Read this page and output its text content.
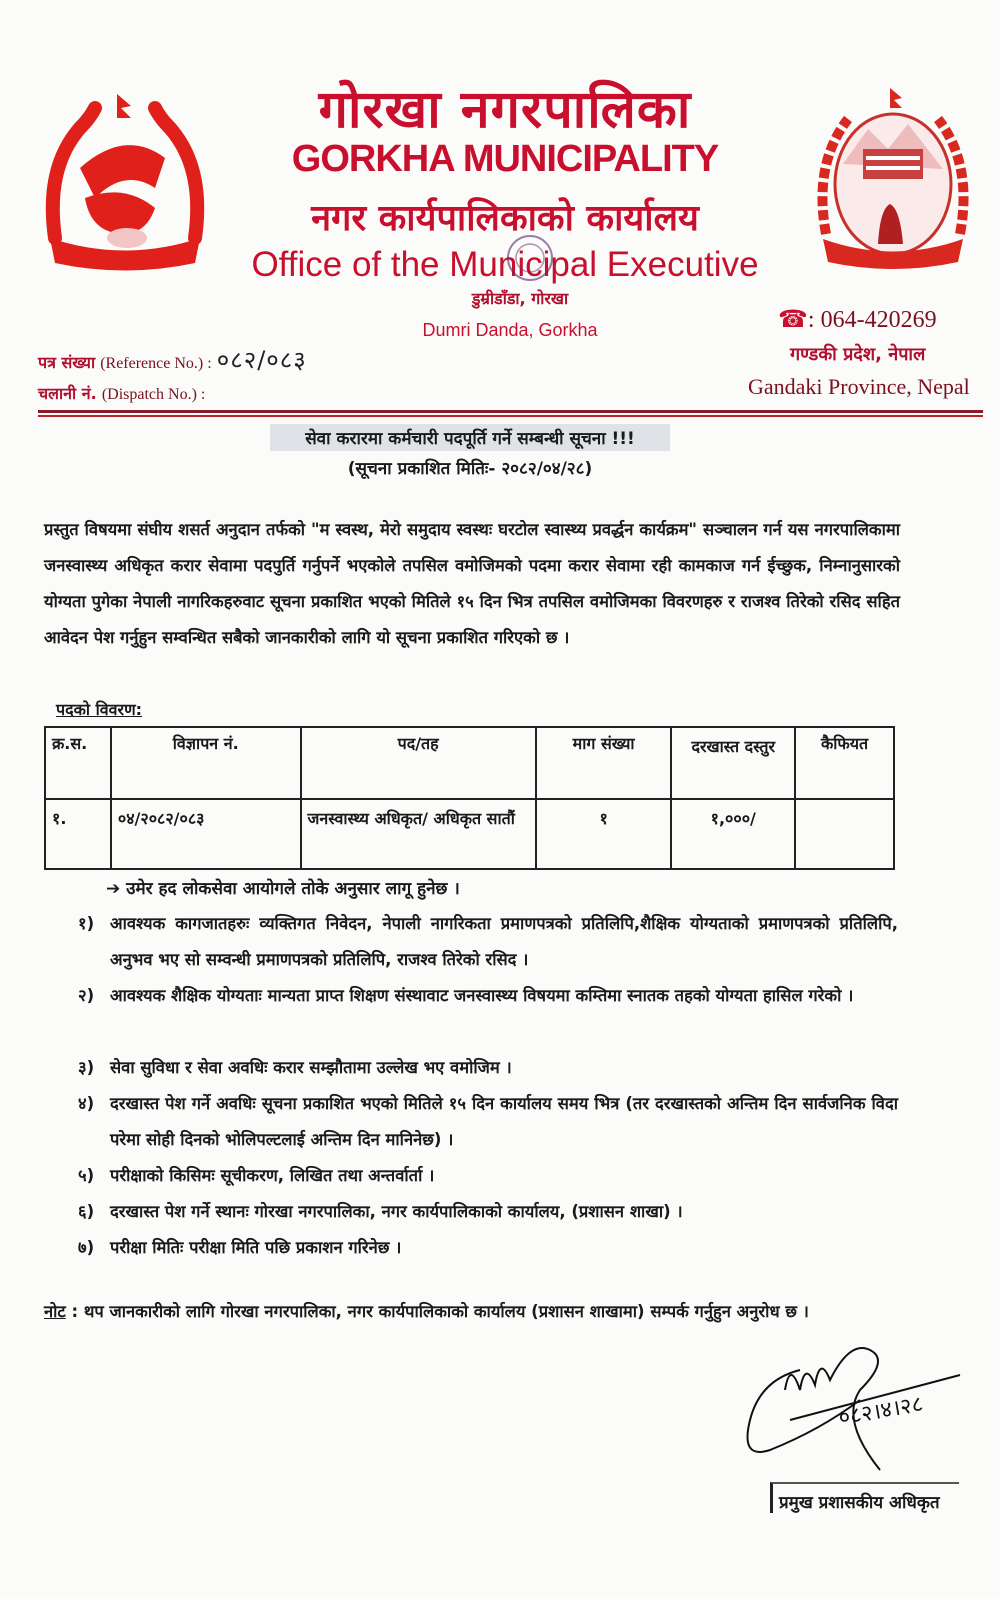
गोरखा नगरपालिका
GORKHA MUNICIPALITY
नगर कार्यपालिकाको कार्यालय
Office of the Municipal Executive
डुम्रीडाँडा, गोरखा
Dumri Danda, Gorkha
पत्र संख्या (Reference No.) : ०८२/०८३
चलानी नं. (Dispatch No.) :
☎: 064-420269
गण्डकी प्रदेश, नेपाल
Gandaki Province, Nepal
सेवा करारमा कर्मचारी पदपूर्ति गर्ने सम्बन्धी सूचना !!!
(सूचना प्रकाशित मितिः- २०८२/०४/२८)
प्रस्तुत विषयमा संघीय शसर्त अनुदान तर्फको "म स्वस्थ, मेरो समुदाय स्वस्थः घरटोल स्वास्थ्य प्रवर्द्धन कार्यक्रम" सञ्चालन गर्न यस नगरपालिकामा जनस्वास्थ्य अधिकृत करार सेवामा पदपुर्ति गर्नुपर्ने भएकोले तपसिल वमोजिमको पदमा करार सेवामा रही कामकाज गर्न ईच्छुक, निम्नानुसारको योग्यता पुगेका नेपाली नागरिकहरुवाट सूचना प्रकाशित भएको मितिले १५ दिन भित्र तपसिल वमोजिमका विवरणहरु र राजश्व तिरेको रसिद सहित आवेदन पेश गर्नुहुन सम्वन्धित सबैको जानकारीको लागि यो सूचना प्रकाशित गरिएको छ ।
पदको विवरण:
क्र.स.	विज्ञापन नं.	पद/तह	माग संख्या	दरखास्त दस्तुर	कैफियत
१.	०४/२०८२/०८३	जनस्वास्थ्य अधिकृत/ अधिकृत सातौं	१	१,०००/	
➔ उमेर हद लोकसेवा आयोगले तोके अनुसार लागू हुनेछ ।
१) आवश्यक कागजातहरुः व्यक्तिगत निवेदन, नेपाली नागरिकता प्रमाणपत्रको प्रतिलिपि,शैक्षिक योग्यताको प्रमाणपत्रको प्रतिलिपि, अनुभव भए सो सम्वन्धी प्रमाणपत्रको प्रतिलिपि, राजश्व तिरेको रसिद ।
२) आवश्यक शैक्षिक योग्यताः मान्यता प्राप्त शिक्षण संस्थावाट जनस्वास्थ्य विषयमा कम्तिमा स्नातक तहको योग्यता हासिल गरेको ।
३) सेवा सुविधा र सेवा अवधिः करार सम्झौतामा उल्लेख भए वमोजिम ।
४) दरखास्त पेश गर्ने अवधिः सूचना प्रकाशित भएको मितिले १५ दिन कार्यालय समय भित्र (तर दरखास्तको अन्तिम दिन सार्वजनिक विदा परेमा सोही दिनको भोलिपल्टलाई अन्तिम दिन मानिनेछ) ।
५) परीक्षाको किसिमः सूचीकरण, लिखित तथा अन्तर्वार्ता ।
६) दरखास्त पेश गर्ने स्थानः गोरखा नगरपालिका, नगर कार्यपालिकाको कार्यालय, (प्रशासन शाखा) ।
७) परीक्षा मितिः परीक्षा मिति पछि प्रकाशन गरिनेछ ।
नोट : थप जानकारीको लागि गोरखा नगरपालिका, नगर कार्यपालिकाको कार्यालय (प्रशासन शाखामा) सम्पर्क गर्नुहुन अनुरोध छ ।
०८२।४।२८
प्रमुख प्रशासकीय अधिकृत
